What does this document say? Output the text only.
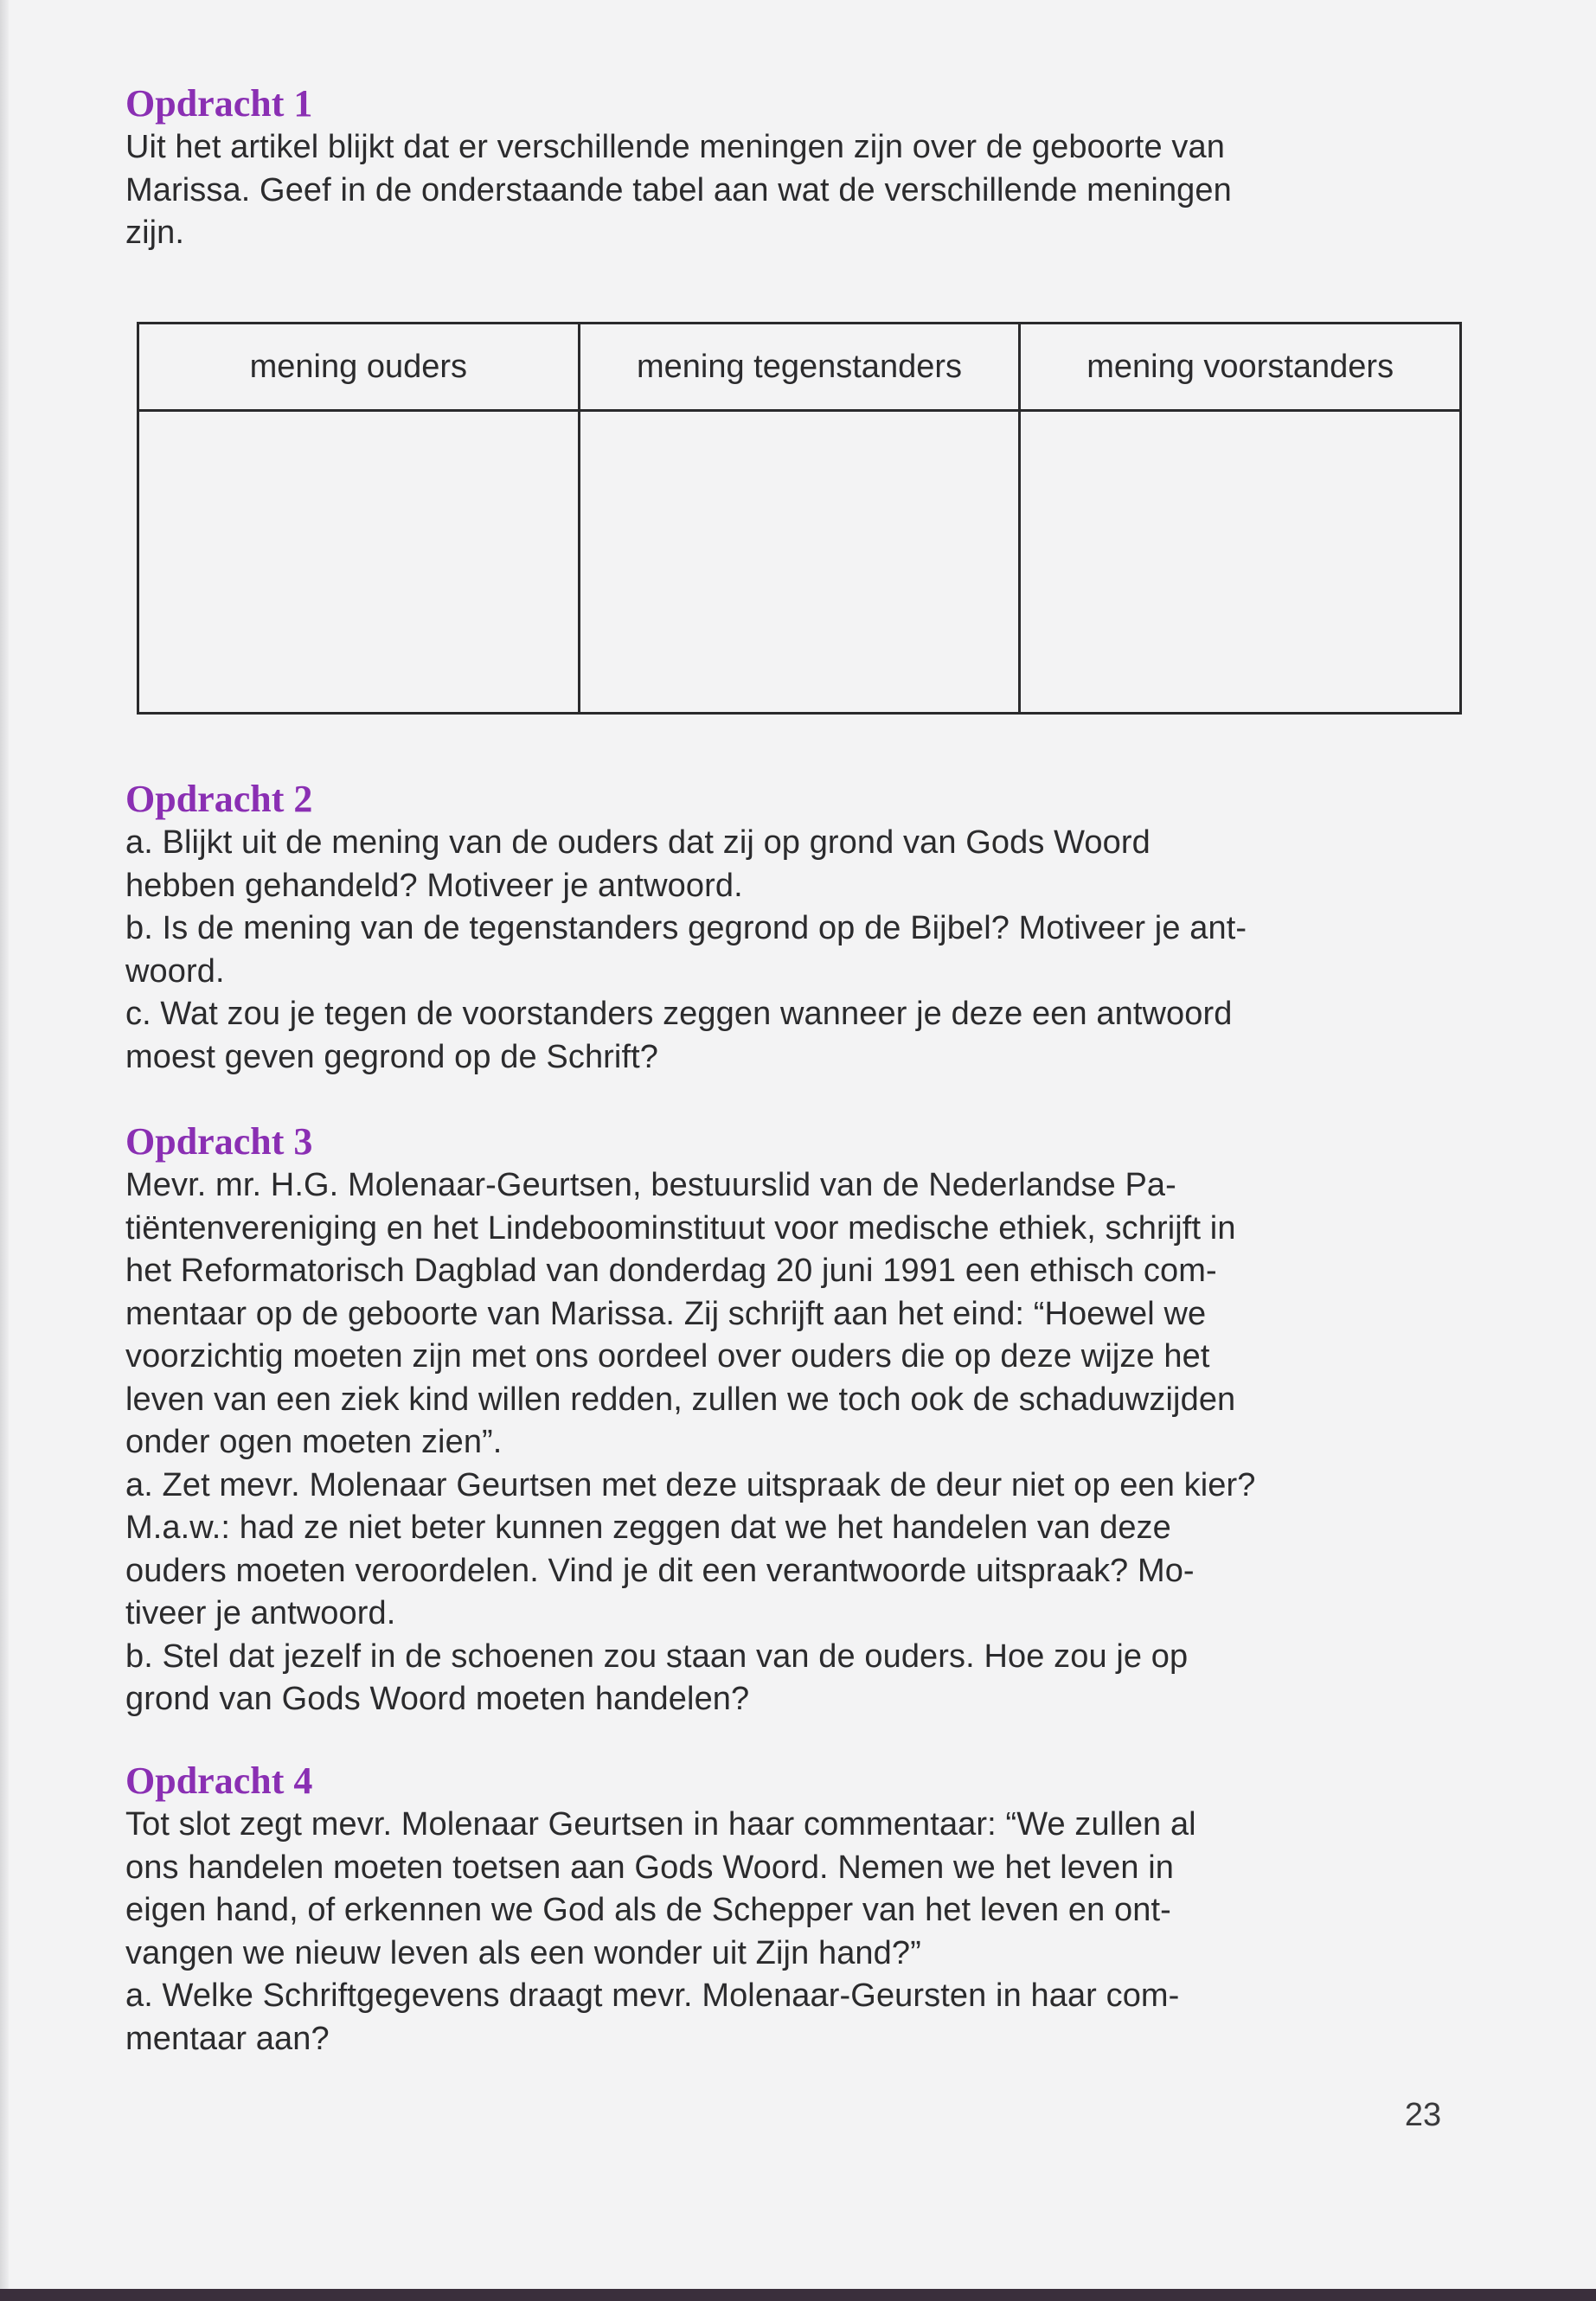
Opdracht 1
Uit het artikel blijkt dat er verschillende meningen zijn over de geboorte van
Marissa. Geef in de onderstaande tabel aan wat de verschillende meningen
zijn.
mening ouders	mening tegenstanders	mening voorstanders

Opdracht 2
a. Blijkt uit de mening van de ouders dat zij op grond van Gods Woord
hebben gehandeld? Motiveer je antwoord.
b. Is de mening van de tegenstanders gegrond op de Bijbel? Motiveer je ant-
woord.
c. Wat zou je tegen de voorstanders zeggen wanneer je deze een antwoord
moest geven gegrond op de Schrift?
Opdracht 3
Mevr. mr. H.G. Molenaar-Geurtsen, bestuurslid van de Nederlandse Pa-
tiëntenvereniging en het Lindeboominstituut voor medische ethiek, schrijft in
het Reformatorisch Dagblad van donderdag 20 juni 1991 een ethisch com-
mentaar op de geboorte van Marissa. Zij schrijft aan het eind: “Hoewel we
voorzichtig moeten zijn met ons oordeel over ouders die op deze wijze het
leven van een ziek kind willen redden, zullen we toch ook de schaduwzijden
onder ogen moeten zien”.
a. Zet mevr. Molenaar Geurtsen met deze uitspraak de deur niet op een kier?
M.a.w.: had ze niet beter kunnen zeggen dat we het handelen van deze
ouders moeten veroordelen. Vind je dit een verantwoorde uitspraak? Mo-
tiveer je antwoord.
b. Stel dat jezelf in de schoenen zou staan van de ouders. Hoe zou je op
grond van Gods Woord moeten handelen?
Opdracht 4
Tot slot zegt mevr. Molenaar Geurtsen in haar commentaar: “We zullen al
ons handelen moeten toetsen aan Gods Woord. Nemen we het leven in
eigen hand, of erkennen we God als de Schepper van het leven en ont-
vangen we nieuw leven als een wonder uit Zijn hand?”
a. Welke Schriftgegevens draagt mevr. Molenaar-Geursten in haar com-
mentaar aan?
23
